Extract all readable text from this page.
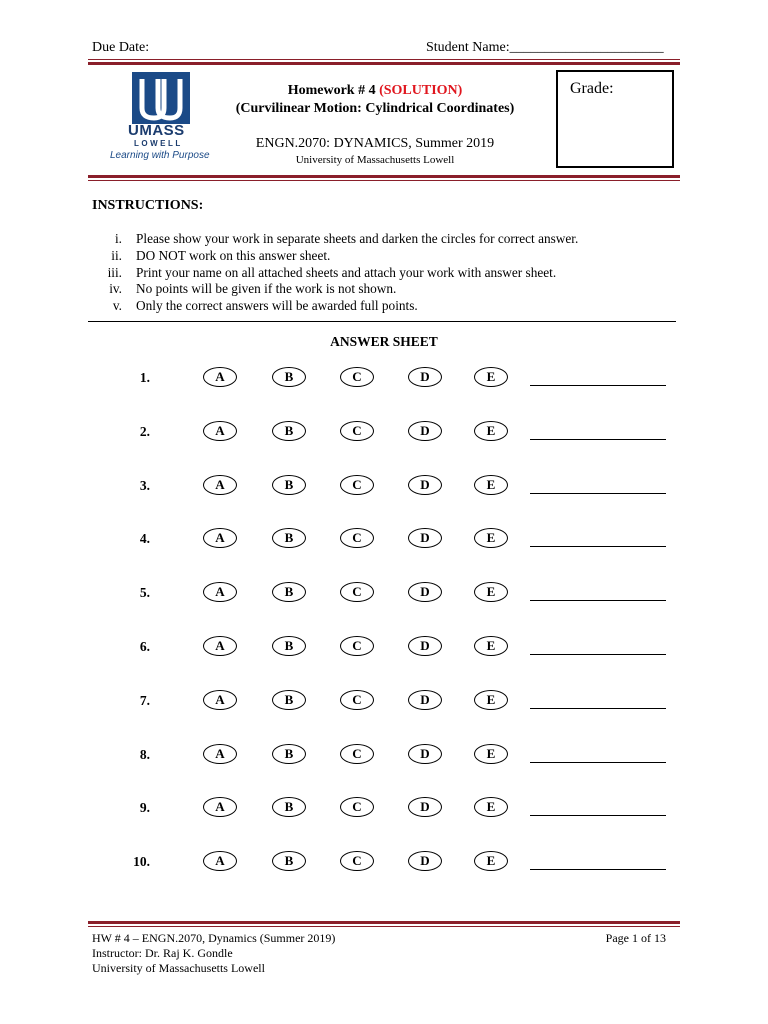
Due Date:	Student Name:______________________
UMASS
LOWELL
Learning with Purpose
Homework # 4 (SOLUTION)
(Curvilinear Motion: Cylindrical Coordinates)
ENGN.2070: DYNAMICS, Summer 2019
University of Massachusetts Lowell
Grade:
INSTRUCTIONS:
i. Please show your work in separate sheets and darken the circles for correct answer.
ii. DO NOT work on this answer sheet.
iii. Print your name on all attached sheets and attach your work with answer sheet.
iv. No points will be given if the work is not shown.
v. Only the correct answers will be awarded full points.
ANSWER SHEET
1.	A	B	C	D	E
2.	A	B	C	D	E
3.	A	B	C	D	E
4.	A	B	C	D	E
5.	A	B	C	D	E
6.	A	B	C	D	E
7.	A	B	C	D	E
8.	A	B	C	D	E
9.	A	B	C	D	E
10.	A	B	C	D	E
HW # 4 – ENGN.2070, Dynamics (Summer 2019)
Instructor: Dr. Raj K. Gondle
University of Massachusetts Lowell
Page 1 of 13
